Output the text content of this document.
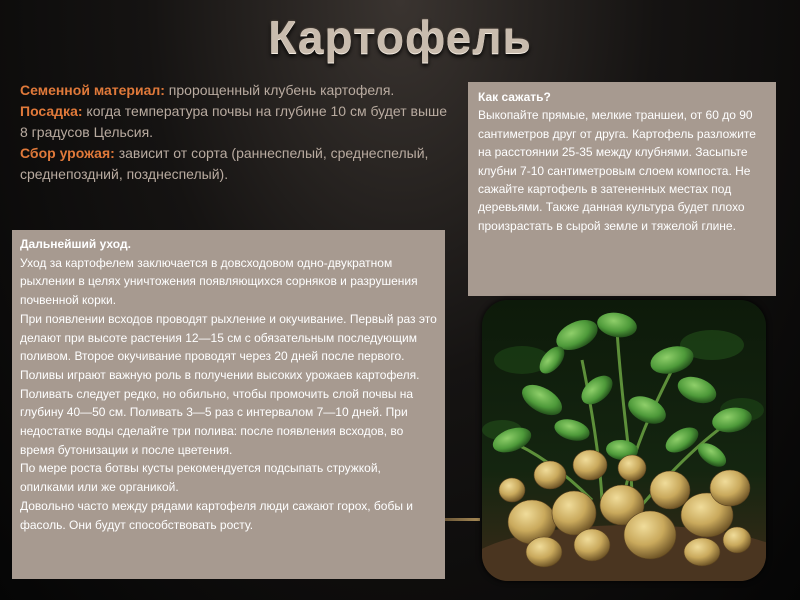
Картофель

Семенной материал: пророщенный клубень картофеля.

Посадка: когда температура почвы на глубине 10 см будет выше 8 градусов Цельсия.

Сбор урожая: зависит от сорта (раннеспелый, среднеспелый, среднепоздний, позднеспелый).

Как сажать?

Выкопайте прямые, мелкие траншеи, от 60 до 90 сантиметров друг от друга. Картофель разложите на расстоянии 25-35 между клубнями. Засыпьте клубни 7-10 сантиметровым слоем компоста. Не сажайте картофель в затененных местах под деревьями. Также данная культура будет плохо произрастать в сырой земле и тяжелой глине.

Дальнейший уход.

Уход за картофелем заключается в довсходовом одно-двукратном рыхлении в целях уничтожения появляющихся сорняков и разрушения почвенной корки.

При появлении всходов проводят рыхление и окучивание. Первый раз это делают при высоте растения 12—15 см с обязательным последующим поливом. Второе окучивание проводят через 20 дней после первого.

Поливы играют важную роль в получении высоких урожаев картофеля. Поливать следует редко, но обильно, чтобы промочить слой почвы на глубину 40—50 см. Поливать 3—5 раз с интервалом 7—10 дней. При недостатке воды сделайте три полива: после появления всходов, во время бутонизации и после цветения.

По мере роста ботвы кусты рекомендуется подсыпать стружкой, опилками или же органикой.

Довольно часто между рядами картофеля люди сажают горох, бобы и фасоль. Они будут способствовать росту.
